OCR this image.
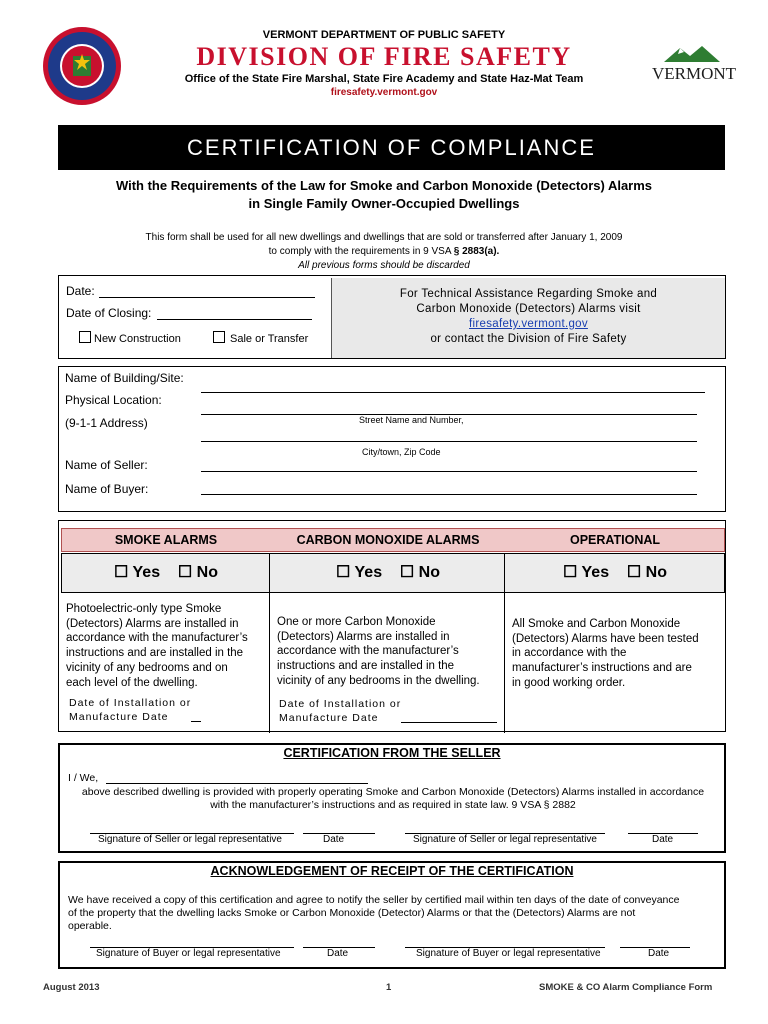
VERMONT DEPARTMENT OF PUBLIC SAFETY
DIVISION OF FIRE SAFETY
Office of the State Fire Marshal, State Fire Academy and State Haz-Mat Team
firesafety.vermont.gov
VERMONT
CERTIFICATION OF COMPLIANCE
With the Requirements of the Law for Smoke and Carbon Monoxide (Detectors) Alarms
in Single Family Owner-Occupied Dwellings
This form shall be used for all new dwellings and dwellings that are sold or transferred after January 1, 2009
to comply with the requirements in 9 VSA § 2883(a).
All previous forms should be discarded
Date:
Date of Closing:
New Construction	Sale or Transfer
For Technical Assistance Regarding Smoke and
Carbon Monoxide (Detectors) Alarms visit
firesafety.vermont.gov
or contact the Division of Fire Safety
Name of Building/Site:
Physical Location:
(9-1-1 Address)	Street Name and Number,
City/town, Zip Code
Name of Seller:
Name of Buyer:
SMOKE ALARMS	CARBON MONOXIDE ALARMS	OPERATIONAL
☐ Yes ☐ No	☐ Yes ☐ No	☐ Yes ☐ No
Photoelectric-only type Smoke
(Detectors) Alarms are installed in
accordance with the manufacturer’s
instructions and are installed in the
vicinity of any bedrooms and on
each level of the dwelling.
Date of Installation or
Manufacture Date
One or more Carbon Monoxide
(Detectors) Alarms are installed in
accordance with the manufacturer’s
instructions and are installed in the
vicinity of any bedrooms in the dwelling.
Date of Installation or
Manufacture Date
All Smoke and Carbon Monoxide
(Detectors) Alarms have been tested
in accordance with the
manufacturer’s instructions and are
in good working order.
CERTIFICATION FROM THE SELLER
I / We,
above described dwelling is provided with properly operating Smoke and Carbon Monoxide (Detectors) Alarms installed in accordance
with the manufacturer’s instructions and as required in state law. 9 VSA § 2882
Signature of Seller or legal representative	Date	Signature of Seller or legal representative	Date
ACKNOWLEDGEMENT OF RECEIPT OF THE CERTIFICATION
We have received a copy of this certification and agree to notify the seller by certified mail within ten days of the date of conveyance
of the property that the dwelling lacks Smoke or Carbon Monoxide (Detector) Alarms or that the (Detectors) Alarms are not
operable.
Signature of Buyer or legal representative	Date	Signature of Buyer or legal representative	Date
August 2013	1	SMOKE & CO Alarm Compliance Form
